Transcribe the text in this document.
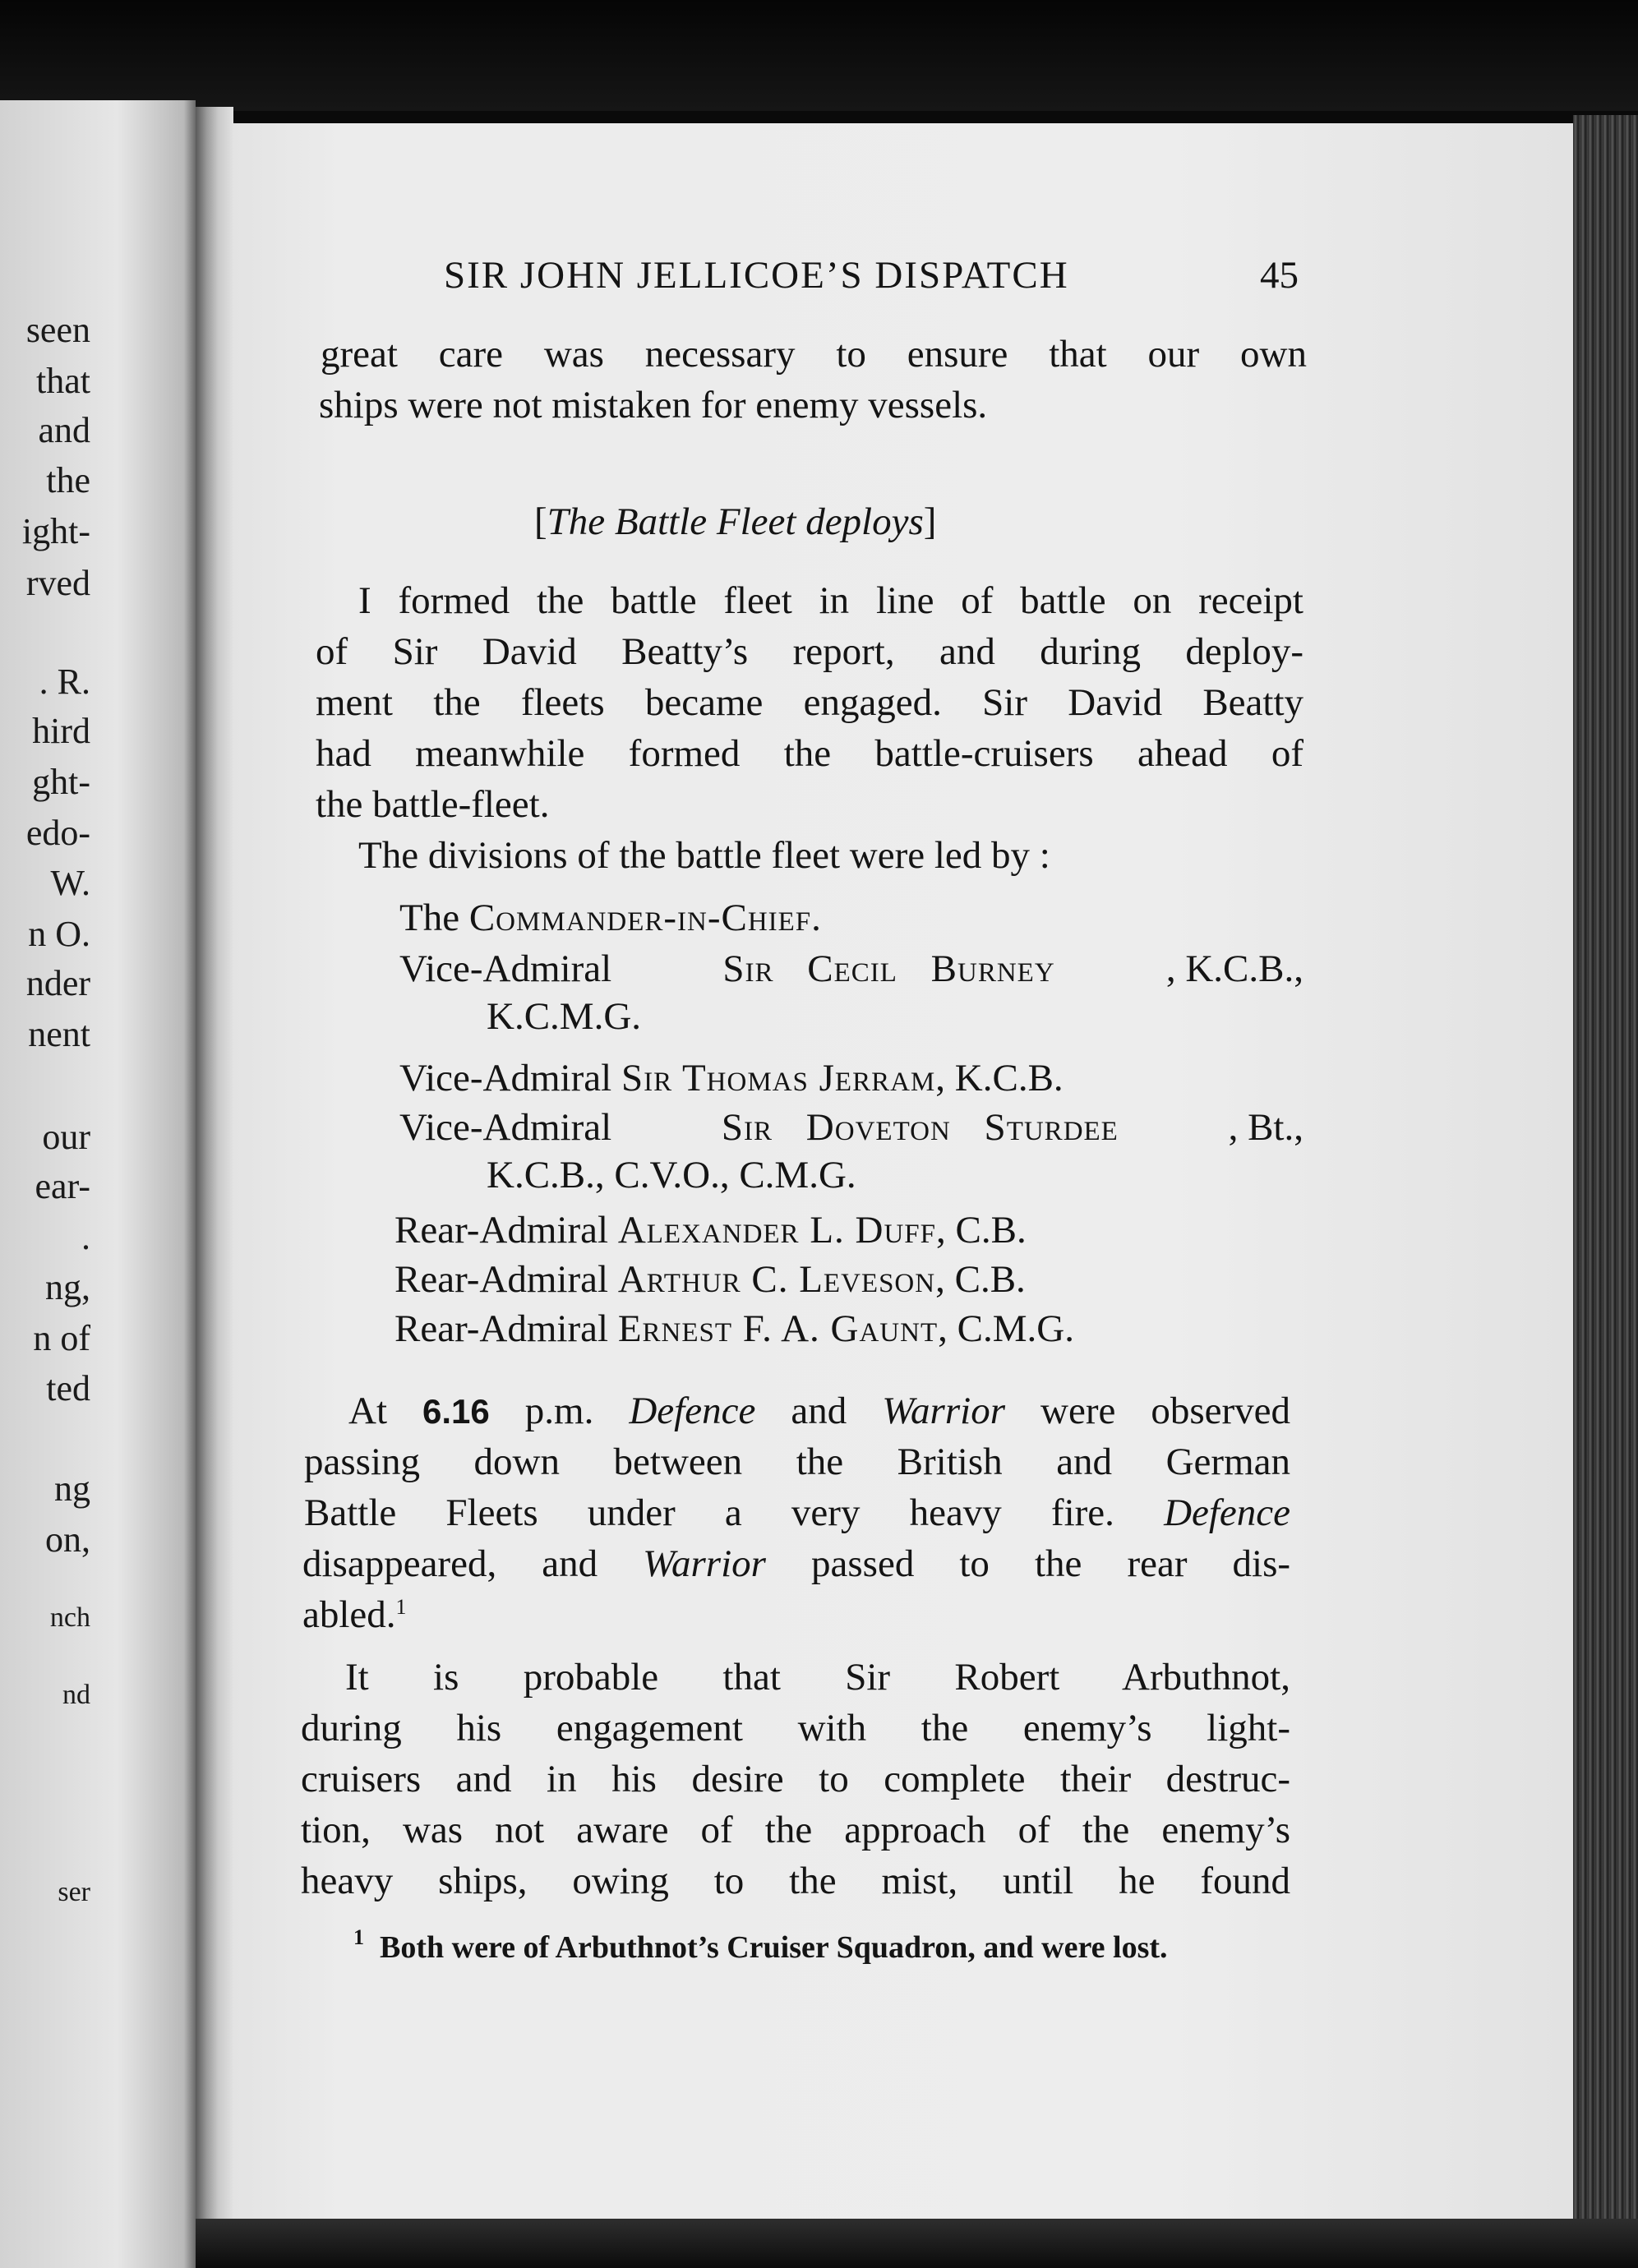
seen
that
and
the
ight-
rved
. R.
hird
ght-
edo-
W.
n O.
nder
nent
our
ear-
.
ng,
n of
ted
ng
on,
nch
nd
ser
SIR JOHN JELLICOE’S DISPATCH	45
great care was necessary to ensure that our own
ships were not mistaken for enemy vessels.
[The Battle Fleet deploys]
I formed the battle fleet in line of battle on receipt
of Sir David Beatty’s report, and during deploy-
ment the fleets became engaged. Sir David Beatty
had meanwhile formed the battle-cruisers ahead of
the battle-fleet.
The divisions of the battle fleet were led by :
The Commander-in-Chief.
Vice-Admiral	Sir Cecil Burney	, K.C.B.,
K.C.M.G.
Vice-Admiral Sir Thomas Jerram, K.C.B.
Vice-Admiral	Sir Doveton Sturdee	, Bt.,
K.C.B., C.V.O., C.M.G.
Rear-Admiral Alexander L. Duff, C.B.
Rear-Admiral Arthur C. Leveson, C.B.
Rear-Admiral Ernest F. A. Gaunt, C.M.G.
At 6.16 p.m. Defence and Warrior were observed
passing down between the British and German
Battle Fleets under a very heavy fire. Defence
disappeared, and Warrior passed to the rear dis-
abled.$^1$
It is probable that Sir Robert Arbuthnot,
during his engagement with the enemy’s light-
cruisers and in his desire to complete their destruc-
tion, was not aware of the approach of the enemy’s
heavy ships, owing to the mist, until he found
$^1$ Both were of Arbuthnot’s Cruiser Squadron, and were lost.
